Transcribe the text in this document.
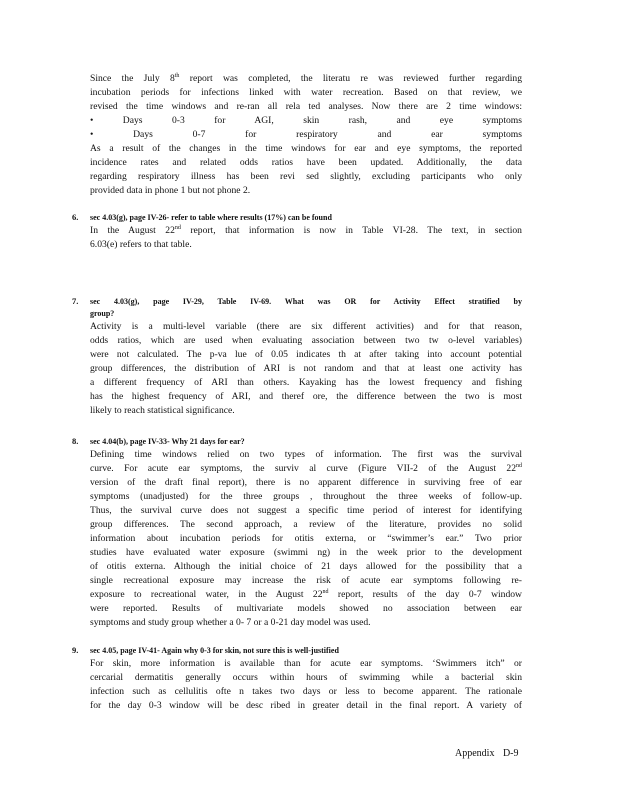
Since the July 8th report was completed, the literatu re was reviewed further regarding

incubation periods for infections linked with water recreation. Based on that review, we

revised the time windows and re-ran all rela ted analyses. Now there are 2 time windows:

• Days 0-3 for AGI, skin rash, and eye symptoms

• Days 0-7 for respiratory and ear symptoms

As a result of the changes in the time windows for ear and eye symptoms, the reported

incidence rates and related odds ratios have been updated. Additionally, the data

regarding respiratory illness has been revi sed slightly, excluding participants who only

provided data in phone 1 but not phone 2.

6. sec 4.03(g), page IV-26- refer to table where results (17%) can be found

In the August 22nd report, that information is now in Table VI-28. The text, in section

6.03(e) refers to that table.

7. sec 4.03(g), page IV-29, Table IV-69. What was OR for Activity Effect stratified by
group?

Activity is a multi-level variable (there are six different activities) and for that reason,

odds ratios, which are used when evaluating association between two tw o-level variables)

were not calculated. The p-va lue of 0.05 indicates th at after taking into account potential

group differences, the distribution of ARI is not random and that at least one activity has

a different frequency of ARI than others. Kayaking has the lowest frequency and fishing

has the highest frequency of ARI, and theref ore, the difference between the two is most

likely to reach statistical significance.

8. sec 4.04(b), page IV-33- Why 21 days for ear?

Defining time windows relied on two types of information. The first was the survival

curve. For acute ear symptoms, the surviv al curve (Figure VII-2 of the August 22nd

version of the draft final report), there is no apparent difference in surviving free of ear

symptoms (unadjusted) for the three groups , throughout the three weeks of follow-up.

Thus, the survival curve does not suggest a specific time period of interest for identifying

group differences. The second approach, a review of the literature, provides no solid

information about incubation periods for otitis externa, or “swimmer’s ear.” Two prior

studies have evaluated water exposure (swimmi ng) in the week prior to the development

of otitis externa. Although the initial choice of 21 days allowed for the possibility that a

single recreational exposure may increase the risk of acute ear symptoms following re-

exposure to recreational water, in the August 22nd report, results of the day 0-7 window

were reported. Results of multivariate models showed no association between ear

symptoms and study group whether a 0- 7 or a 0-21 day model was used.

9. sec 4.05, page IV-41- Again why 0-3 for skin, not sure this is well-justified

For skin, more information is available than for acute ear symptoms. ‘Swimmers itch” or

cercarial dermatitis generally occurs within hours of swimming while a bacterial skin

infection such as cellulitis ofte n takes two days or less to become apparent. The rationale

for the day 0-3 window will be desc ribed in greater detail in the final report. A variety of

Appendix D-9
